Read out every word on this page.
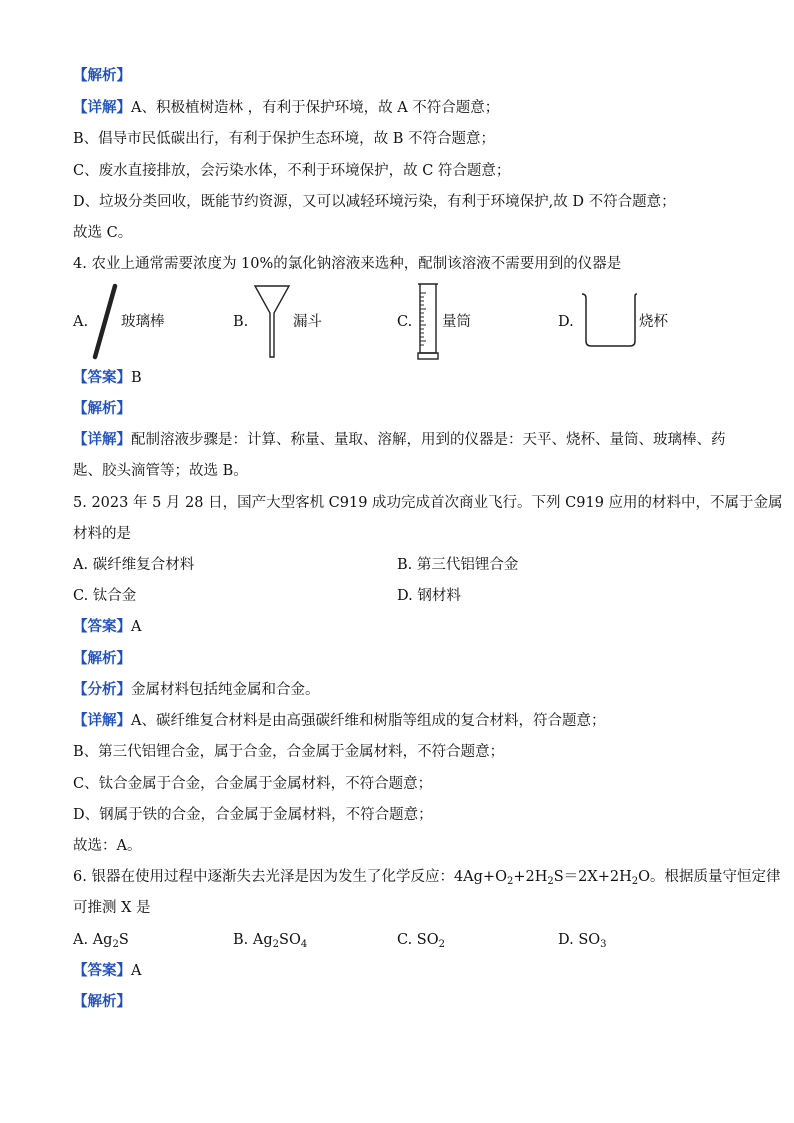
【解析】
【详解】A、积极植树造林 ，有利于保护环境，故 A 不符合题意；
B、倡导市民低碳出行，有利于保护生态环境，故 B 不符合题意；
C、废水直接排放，会污染水体，不利于环境保护，故 C 符合题意；
D、垃圾分类回收，既能节约资源，又可以减轻环境污染，有利于环境保护,故 D 不符合题意；
故选 C。
4. 农业上通常需要浓度为 10%的氯化钠溶液来选种，配制该溶液不需要用到的仪器是
A. 玻璃棒	B.	漏斗	C. 量筒	D.	烧杯
【答案】B
【解析】
【详解】配制溶液步骤是：计算、称量、量取、溶解，用到的仪器是：天平、烧杯、量筒、玻璃棒、药
匙、胶头滴管等；故选 B。
5. 2023 年 5 月 28 日，国产大型客机 C919 成功完成首次商业飞行。下列 C919 应用的材料中，不属于金属
材料的是
A. 碳纤维复合材料	B. 第三代铝锂合金
C. 钛合金	D. 钢材料
【答案】A
【解析】
【分析】金属材料包括纯金属和合金。
【详解】A、碳纤维复合材料是由高强碳纤维和树脂等组成的复合材料，符合题意；
B、第三代铝锂合金，属于合金，合金属于金属材料，不符合题意；
C、钛合金属于合金，合金属于金属材料，不符合题意；
D、钢属于铁的合金，合金属于金属材料，不符合题意；
故选：A。
6. 银器在使用过程中逐渐失去光泽是因为发生了化学反应：$4Ag+O_2+2H_2S=2X+2H_2O$。根据质量守恒定律
可推测 X 是
A. $Ag_2S$	B. $Ag_2SO_4$	C. $SO_2$	D. $SO_3$
【答案】A
【解析】
